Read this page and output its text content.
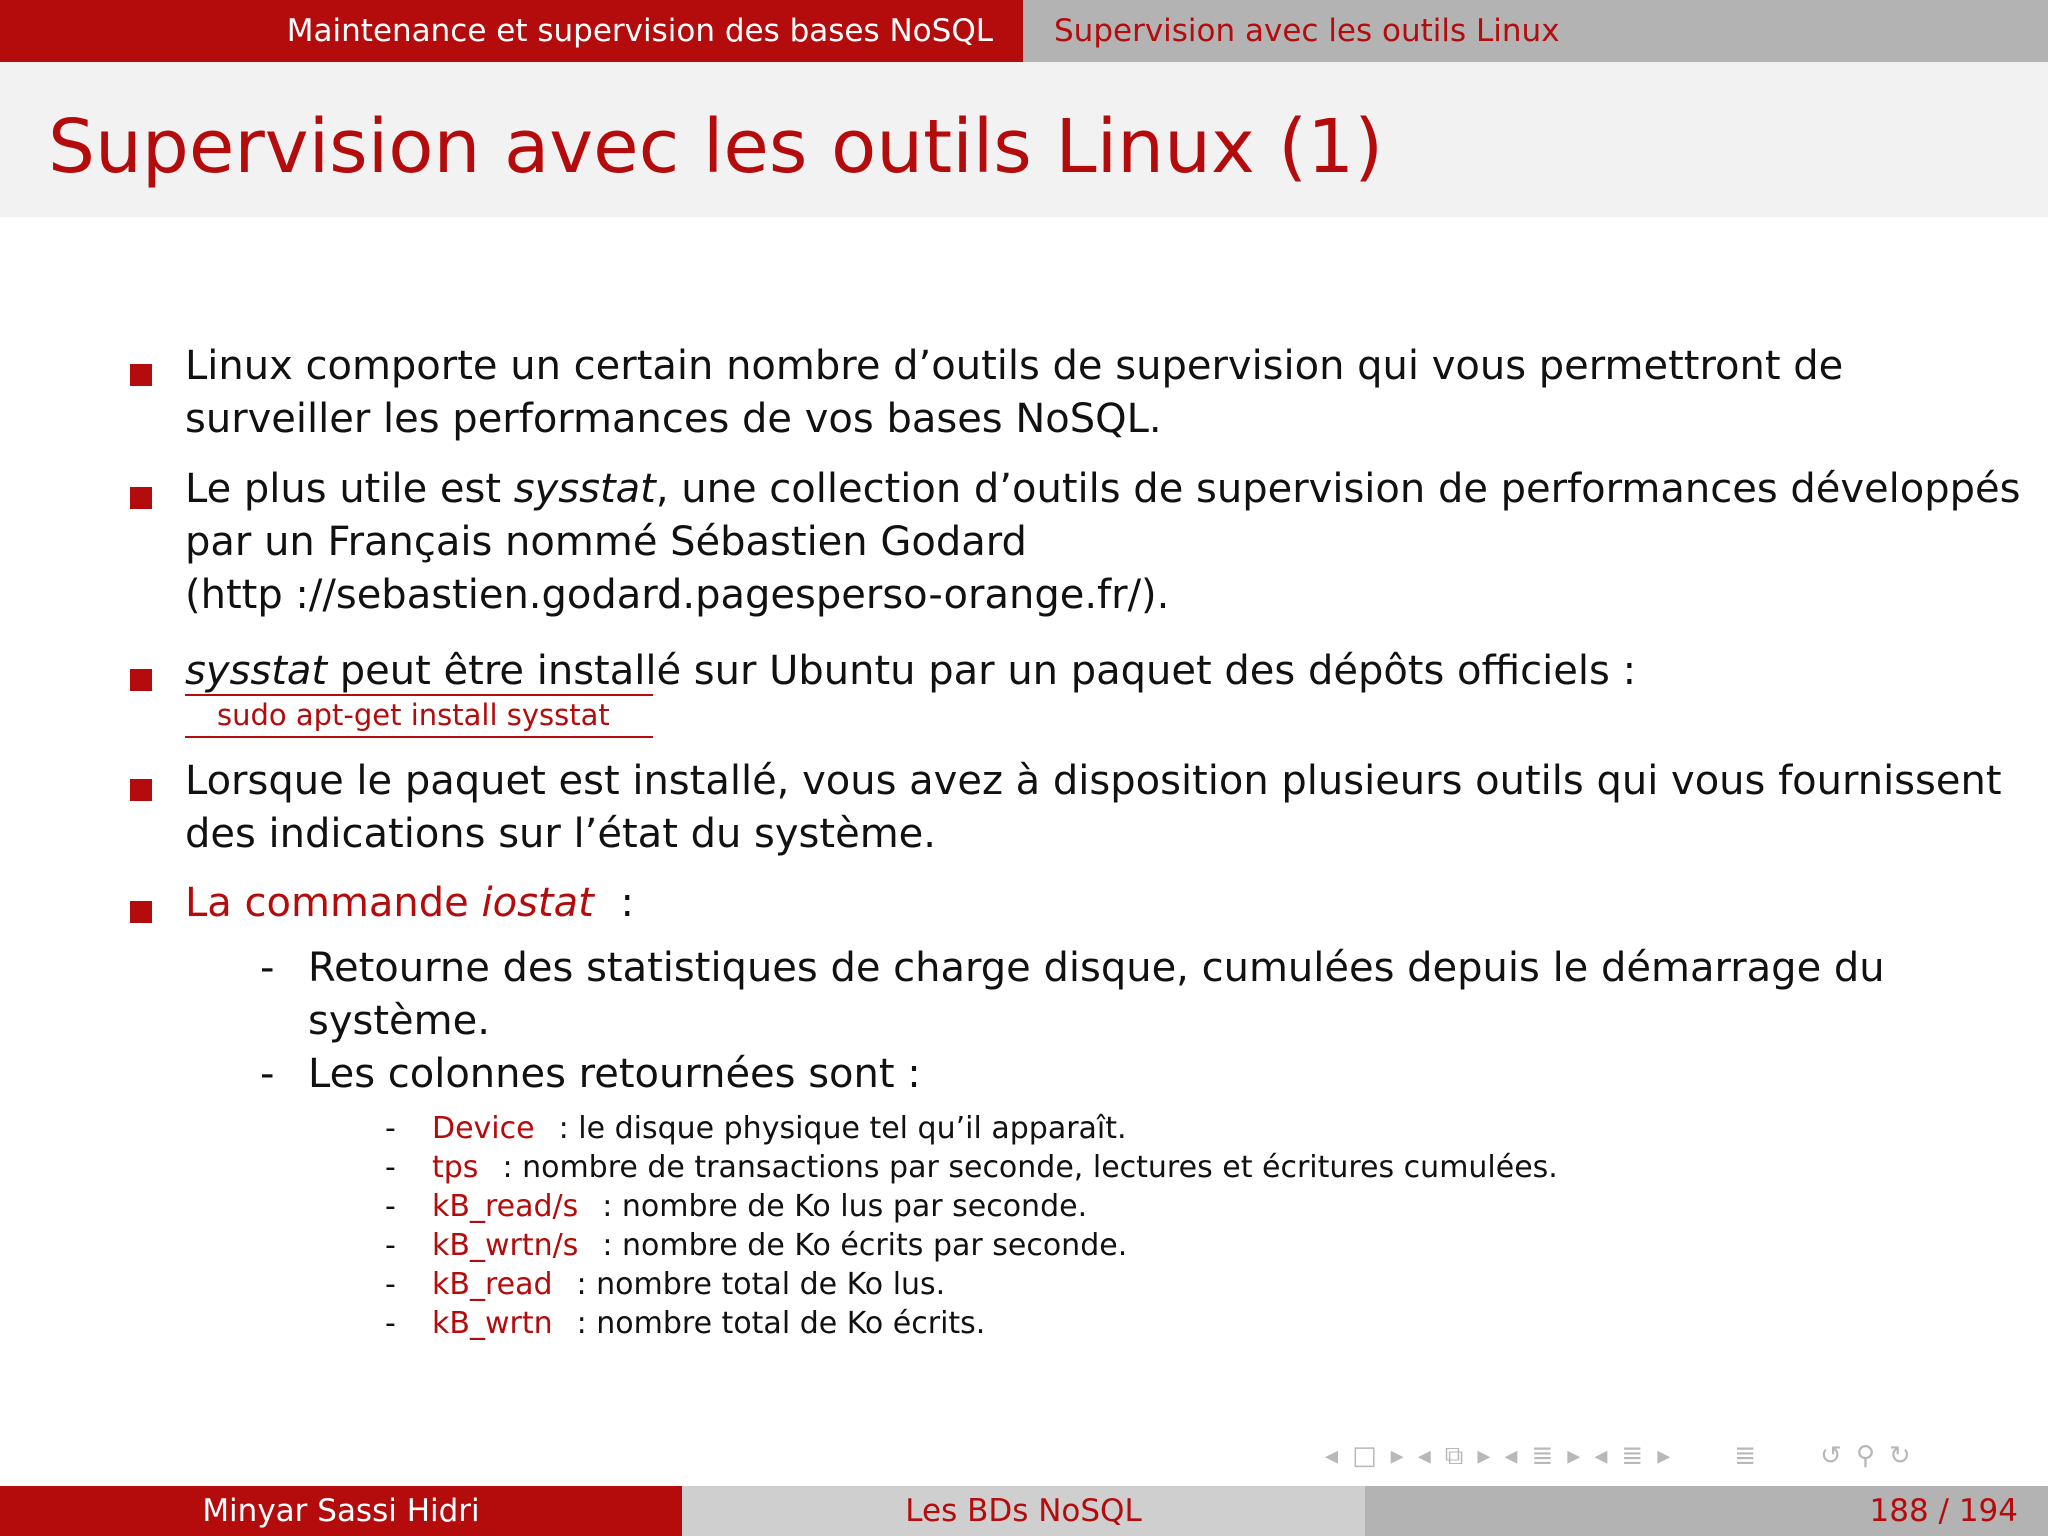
Maintenance et supervision des bases NoSQL	Supervision avec les outils Linux
Supervision avec les outils Linux (1)
Linux comporte un certain nombre d’outils de supervision qui vous permettront de
surveiller les performances de vos bases NoSQL.
Le plus utile est sysstat, une collection d’outils de supervision de performances développés
par un Français nommé Sébastien Godard
(http ://sebastien.godard.pagesperso-orange.fr/).
sysstat peut être installé sur Ubuntu par un paquet des dépôts officiels :
sudo apt-get install sysstat
Lorsque le paquet est installé, vous avez à disposition plusieurs outils qui vous fournissent
des indications sur l’état du système.
La commande iostat :
- Retourne des statistiques de charge disque, cumulées depuis le démarrage du
système.
- Les colonnes retournées sont :
- Device : le disque physique tel qu’il apparaît.
- tps : nombre de transactions par seconde, lectures et écritures cumulées.
- kB_read/s : nombre de Ko lus par seconde.
- kB_wrtn/s : nombre de Ko écrits par seconde.
- kB_read : nombre total de Ko lus.
- kB_wrtn : nombre total de Ko écrits.
◂ □ ▸ ◂ ⧉ ▸ ◂ ≣ ▸ ◂ ≣ ▸ ≣ ↺ ⚲ ↻
Minyar Sassi Hidri	Les BDs NoSQL	188 / 194
